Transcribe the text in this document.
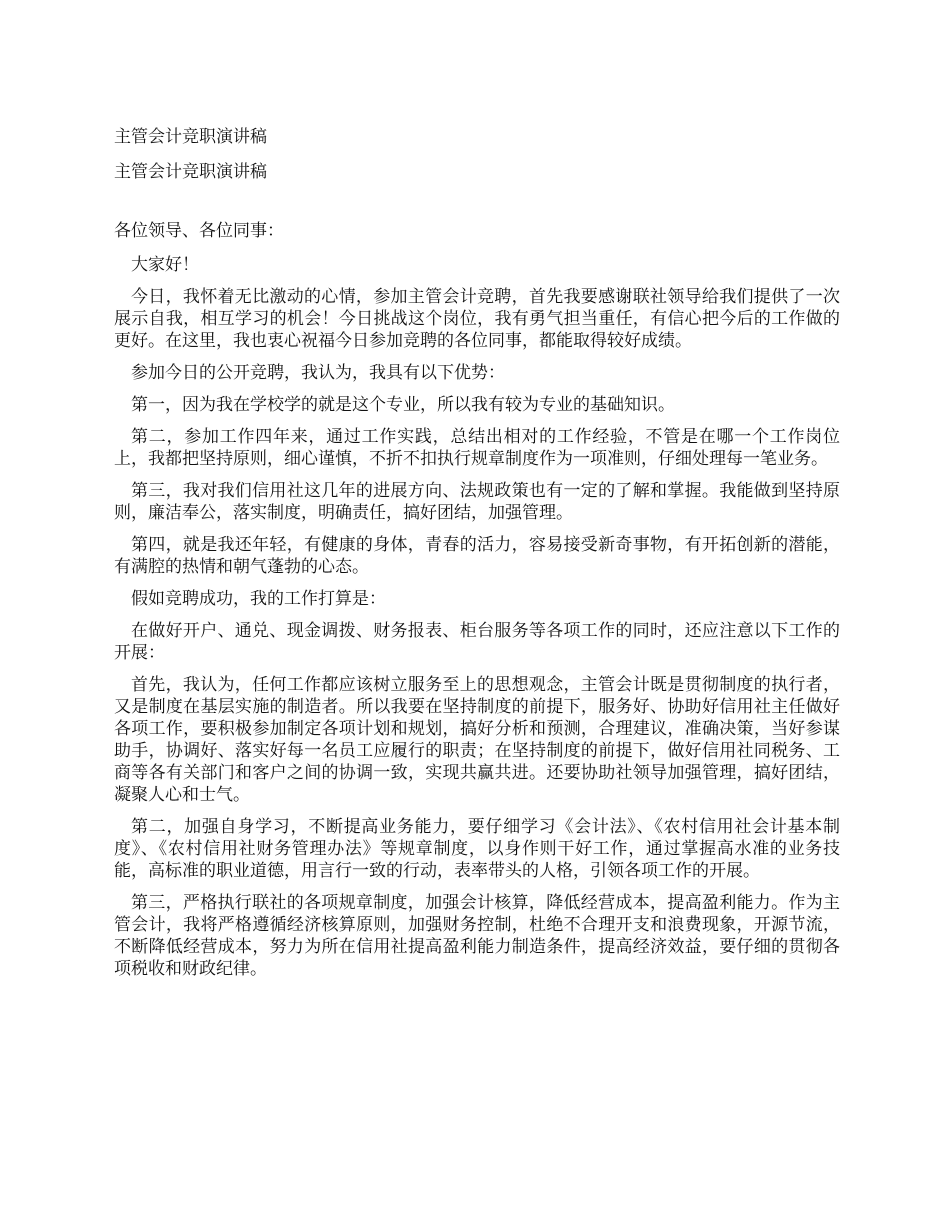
主管会计竞职演讲稿

主管会计竞职演讲稿

各位领导、各位同事：

大家好！

今日，我怀着无比激动的心情，参加主管会计竞聘，首先我要感谢联社领导给我们提供了一次展示自我，相互学习的机会！今日挑战这个岗位，我有勇气担当重任，有信心把今后的工作做的更好。在这里，我也衷心祝福今日参加竞聘的各位同事，都能取得较好成绩。

参加今日的公开竞聘，我认为，我具有以下优势：

第一，因为我在学校学的就是这个专业，所以我有较为专业的基础知识。

第二，参加工作四年来，通过工作实践，总结出相对的工作经验，不管是在哪一个工作岗位上，我都把坚持原则，细心谨慎，不折不扣执行规章制度作为一项准则，仔细处理每一笔业务。

第三，我对我们信用社这几年的进展方向、法规政策也有一定的了解和掌握。我能做到坚持原则，廉洁奉公，落实制度，明确责任，搞好团结，加强管理。

第四，就是我还年轻，有健康的身体，青春的活力，容易接受新奇事物，有开拓创新的潜能，有满腔的热情和朝气蓬勃的心态。

假如竞聘成功，我的工作打算是：

在做好开户、通兑、现金调拨、财务报表、柜台服务等各项工作的同时，还应注意以下工作的开展：

首先，我认为，任何工作都应该树立服务至上的思想观念，主管会计既是贯彻制度的执行者，又是制度在基层实施的制造者。所以我要在坚持制度的前提下，服务好、协助好信用社主任做好各项工作，要积极参加制定各项计划和规划，搞好分析和预测，合理建议，准确决策，当好参谋助手，协调好、落实好每一名员工应履行的职责；在坚持制度的前提下，做好信用社同税务、工商等各有关部门和客户之间的协调一致，实现共赢共进。还要协助社领导加强管理，搞好团结，凝聚人心和士气。

第二，加强自身学习，不断提高业务能力，要仔细学习《会计法》、《农村信用社会计基本制度》、《农村信用社财务管理办法》等规章制度，以身作则干好工作，通过掌握高水准的业务技能，高标准的职业道德，用言行一致的行动，表率带头的人格，引领各项工作的开展。

第三，严格执行联社的各项规章制度，加强会计核算，降低经营成本，提高盈利能力。作为主管会计，我将严格遵循经济核算原则，加强财务控制，杜绝不合理开支和浪费现象，开源节流，不断降低经营成本，努力为所在信用社提高盈利能力制造条件，提高经济效益，要仔细的贯彻各项税收和财政纪律。
